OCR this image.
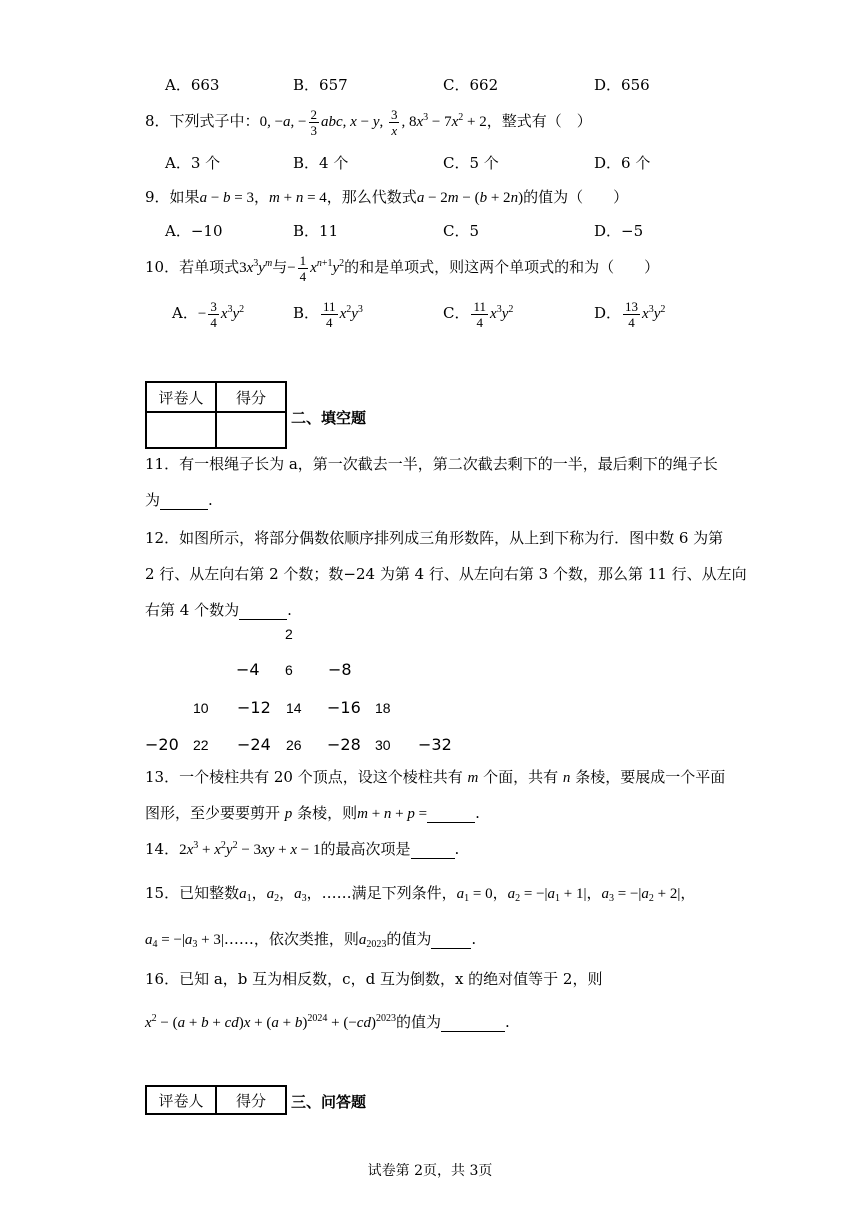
A．663	B．657	C．662	D．656
8．下列式子中：0, −a, − $\frac{2}{3}$ abc, x − y, $\frac{3}{x}$ , $8x^3 - 7x^2 + 2$，整式有（　）
A．3 个	B．4 个	C．5 个	D．6 个
9．如果a − b = 3，m + n = 4，那么代数式a − 2m − (b + 2n)的值为（　　）
A．−10	B．11	C．5	D．−5
10．若单项式$3x^3y^m$与− $\frac{1}{4} x^{n+1}y^2$的和是单项式，则这两个单项式的和为（　　）
A．− $\frac{3}{4} x^3y^2$	B． $\frac{11}{4} x^2y^3$	C． $\frac{11}{4} x^3y^2$	D． $\frac{13}{4} x^3y^2$
评卷人	得分

二、填空题
11．有一根绳子长为 a，第一次截去一半，第二次截去剩下的一半，最后剩下的绳子长
为	.
12．如图所示，将部分偶数依顺序排列成三角形数阵，从上到下称为行．图中数 6 为第
2 行、从左向右第 2 个数；数−24 为第 4 行、从左向右第 3 个数，那么第 11 行、从左向
右第 4 个数为	.
2
−4 6 −8
10 −12 14 −16 18
−20 22 −24 26 −28 30 −32
13．一个棱柱共有 20 个顶点，设这个棱柱共有 m 个面，共有 n 条棱，要展成一个平面
图形，至少要要剪开 p 条棱，则m + n + p =	.
14．$2x^3 + x^2y^2 - 3xy + x - 1$的最高次项是	.
15．已知整数$a_1$，$a_2$，$a_3$，……满足下列条件，$a_1 = 0$，$a_2 = -|a_1 + 1|$，$a_3 = -|a_2 + 2|$，
$a_4 = -|a_3$ + 3|……，依次类推，则$a_{2023}$的值为	.
16．已知 a，b 互为相反数，c，d 互为倒数，x 的绝对值等于 2，则
$x^2 - (a + b + cd)x + (a + b)^{2024} + (-cd)^{2023}$的值为	.
评卷人	得分 三、问答题
试卷第 2页，共 3页
